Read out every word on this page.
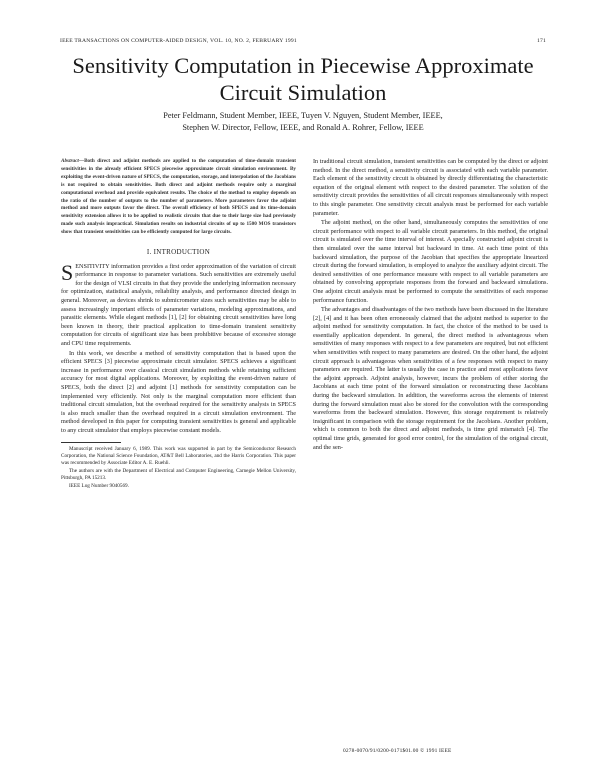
IEEE TRANSACTIONS ON COMPUTER-AIDED DESIGN, VOL. 10, NO. 2, FEBRUARY 1991	171
Sensitivity Computation in Piecewise Approximate
Circuit Simulation
Peter Feldmann, Student Member, IEEE, Tuyen V. Nguyen, Student Member, IEEE,
Stephen W. Director, Fellow, IEEE, and Ronald A. Rohrer, Fellow, IEEE

Abstract—Both direct and adjoint methods are applied to the computation of time-domain transient sensitivities in the already efficient SPECS piecewise approximate circuit simulation environment. By exploiting the event-driven nature of SPECS, the computation, storage, and interpolation of the Jacobians is not required to obtain sensitivities. Both direct and adjoint methods require only a marginal computational overhead and provide equivalent results. The choice of the method to employ depends on the ratio of the number of outputs to the number of parameters. More parameters favor the adjoint method and more outputs favor the direct. The overall efficiency of both SPECS and its time-domain sensitivity extension allows it to be applied to realistic circuits that due to their large size had previously made such analysis impractical. Simulation results on industrial circuits of up to 1500 MOS transistors show that transient sensitivities can be efficiently computed for large circuits.

I. INTRODUCTION

SENSITIVITY information provides a first order approximation of the variation of circuit performance in response to parameter variations. Such sensitivities are extremely useful for the design of VLSI circuits in that they provide the underlying information necessary for optimization, statistical analysis, reliability analysis, and performance directed design in general. Moreover, as devices shrink to submicrometer sizes such sensitivities may be able to assess increasingly important effects of parameter variations, modeling approximations, and parasitic elements. While elegant methods [1], [2] for obtaining circuit sensitivities have long been known in theory, their practical application to time-domain transient sensitivity computation for circuits of significant size has been prohibitive because of excessive storage and CPU time requirements.

In this work, we describe a method of sensitivity computation that is based upon the efficient SPECS [3] piecewise approximate circuit simulator. SPECS achieves a significant increase in performance over classical circuit simulation methods while retaining sufficient accuracy for most digital applications. Moreover, by exploiting the event-driven nature of SPECS, both the direct [2] and adjoint [1] methods for sensitivity computation can be implemented very efficiently. Not only is the marginal computation more efficient than traditional circuit simulation, but the overhead required for the sensitivity analysis in SPECS is also much smaller than the overhead required in a circuit simulation environment. The method developed in this paper for computing transient sensitivities is general and applicable to any circuit simulator that employs piecewise constant models.

Manuscript received January 6, 1989. This work was supported in part by the Semiconductor Research Corporation, the National Science Foundation, AT&T Bell Laboratories, and the Harris Corporation. This paper was recommended by Associate Editor A. E. Ruehli.

The authors are with the Department of Electrical and Computer Engineering, Carnegie Mellon University, Pittsburgh, PA 15213.

IEEE Log Number 9040569.

In traditional circuit simulation, transient sensitivities can be computed by the direct or adjoint method. In the direct method, a sensitivity circuit is associated with each variable parameter. Each element of the sensitivity circuit is obtained by directly differentiating the characteristic equation of the original element with respect to the desired parameter. The solution of the sensitivity circuit provides the sensitivities of all circuit responses simultaneously with respect to this single parameter. One sensitivity circuit analysis must be performed for each variable parameter.

The adjoint method, on the other hand, simultaneously computes the sensitivities of one circuit performance with respect to all variable circuit parameters. In this method, the original circuit is simulated over the time interval of interest. A specially constructed adjoint circuit is then simulated over the same interval but backward in time. At each time point of this backward simulation, the purpose of the Jacobian that specifies the appropriate linearized circuit during the forward simulation, is employed to analyze the auxiliary adjoint circuit. The desired sensitivities of one performance measure with respect to all variable parameters are obtained by convolving appropriate responses from the forward and backward simulations. One adjoint circuit analysis must be performed to compute the sensitivities of each response performance function.

The advantages and disadvantages of the two methods have been discussed in the literature [2], [4] and it has been often erroneously claimed that the adjoint method is superior to the adjoint method for sensitivity computation. In fact, the choice of the method to be used is essentially application dependent. In general, the direct method is advantageous when sensitivities of many responses with respect to a few parameters are required, but not efficient when sensitivities with respect to many parameters are desired. On the other hand, the adjoint circuit approach is advantageous when sensitivities of a few responses with respect to many parameters are required. The latter is usually the case in practice and most applications favor the adjoint approach. Adjoint analysis, however, incurs the problem of either storing the Jacobians at each time point of the forward simulation or reconstructing these Jacobians during the backward simulation. In addition, the waveforms across the elements of interest during the forward simulation must also be stored for the convolution with the corresponding waveforms from the backward simulation. However, this storage requirement is relatively insignificant in comparison with the storage requirement for the Jacobians. Another problem, which is common to both the direct and adjoint methods, is time grid mismatch [4]. The optimal time grids, generated for good error control, for the simulation of the original circuit, and the sen-

0278-0070/91/0200-0171$01.00 © 1991 IEEE
